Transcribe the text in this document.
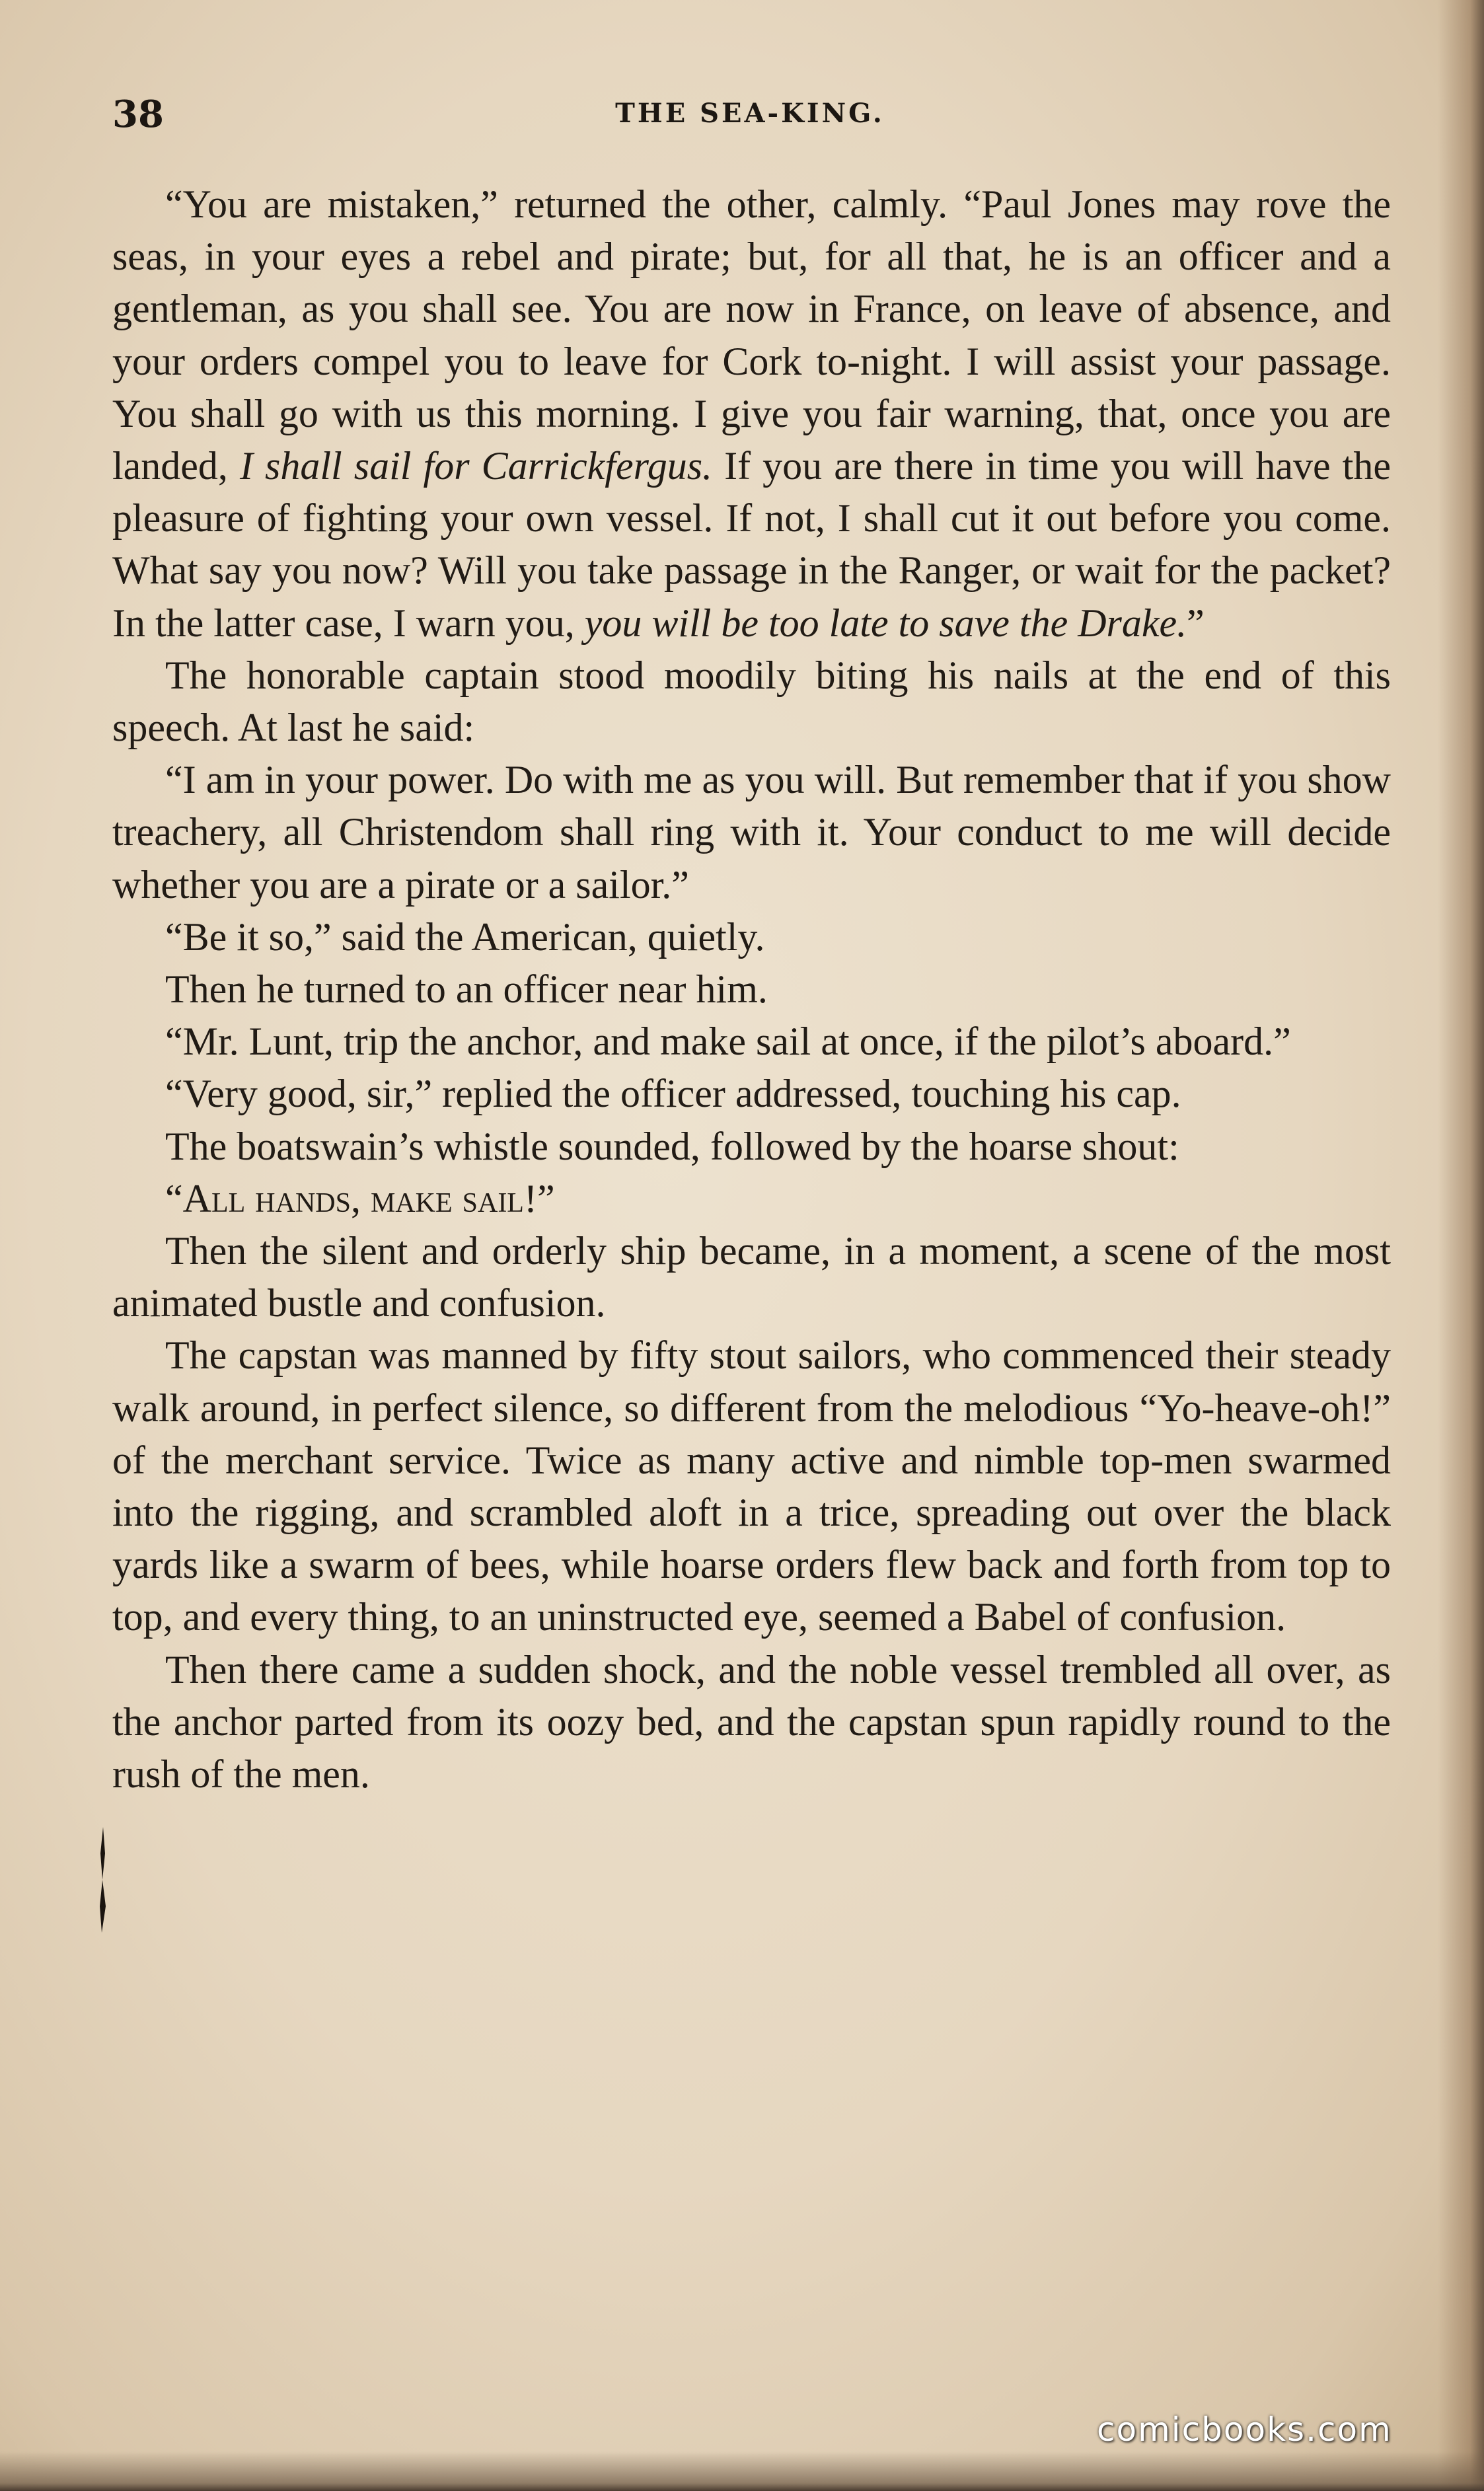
38	THE SEA-KING.

“You are mistaken,” returned the other, calmly. “Paul Jones may rove the seas, in your eyes a rebel and pirate; but, for all that, he is an officer and a gentleman, as you shall see. You are now in France, on leave of absence, and your orders compel you to leave for Cork to-night. I will assist your passage. You shall go with us this morning. I give you fair warning, that, once you are landed, I shall sail for Carrickfergus. If you are there in time you will have the pleasure of fighting your own vessel. If not, I shall cut it out before you come. What say you now? Will you take passage in the Ranger, or wait for the packet? In the latter case, I warn you, you will be too late to save the Drake.”

The honorable captain stood moodily biting his nails at the end of this speech. At last he said:

“I am in your power. Do with me as you will. But remember that if you show treachery, all Christendom shall ring with it. Your conduct to me will decide whether you are a pirate or a sailor.”

“Be it so,” said the American, quietly.

Then he turned to an officer near him.

“Mr. Lunt, trip the anchor, and make sail at once, if the pilot’s aboard.”

“Very good, sir,” replied the officer addressed, touching his cap.

The boatswain’s whistle sounded, followed by the hoarse shout:

“All hands, make sail!”

Then the silent and orderly ship became, in a moment, a scene of the most animated bustle and confusion.

The capstan was manned by fifty stout sailors, who commenced their steady walk around, in perfect silence, so different from the melodious “Yo-heave-oh!” of the merchant service. Twice as many active and nimble top-men swarmed into the rigging, and scrambled aloft in a trice, spreading out over the black yards like a swarm of bees, while hoarse orders flew back and forth from top to top, and every thing, to an uninstructed eye, seemed a Babel of confusion.

Then there came a sudden shock, and the noble vessel trembled all over, as the anchor parted from its oozy bed, and the capstan spun rapidly round to the rush of the men.

comicbooks.com
